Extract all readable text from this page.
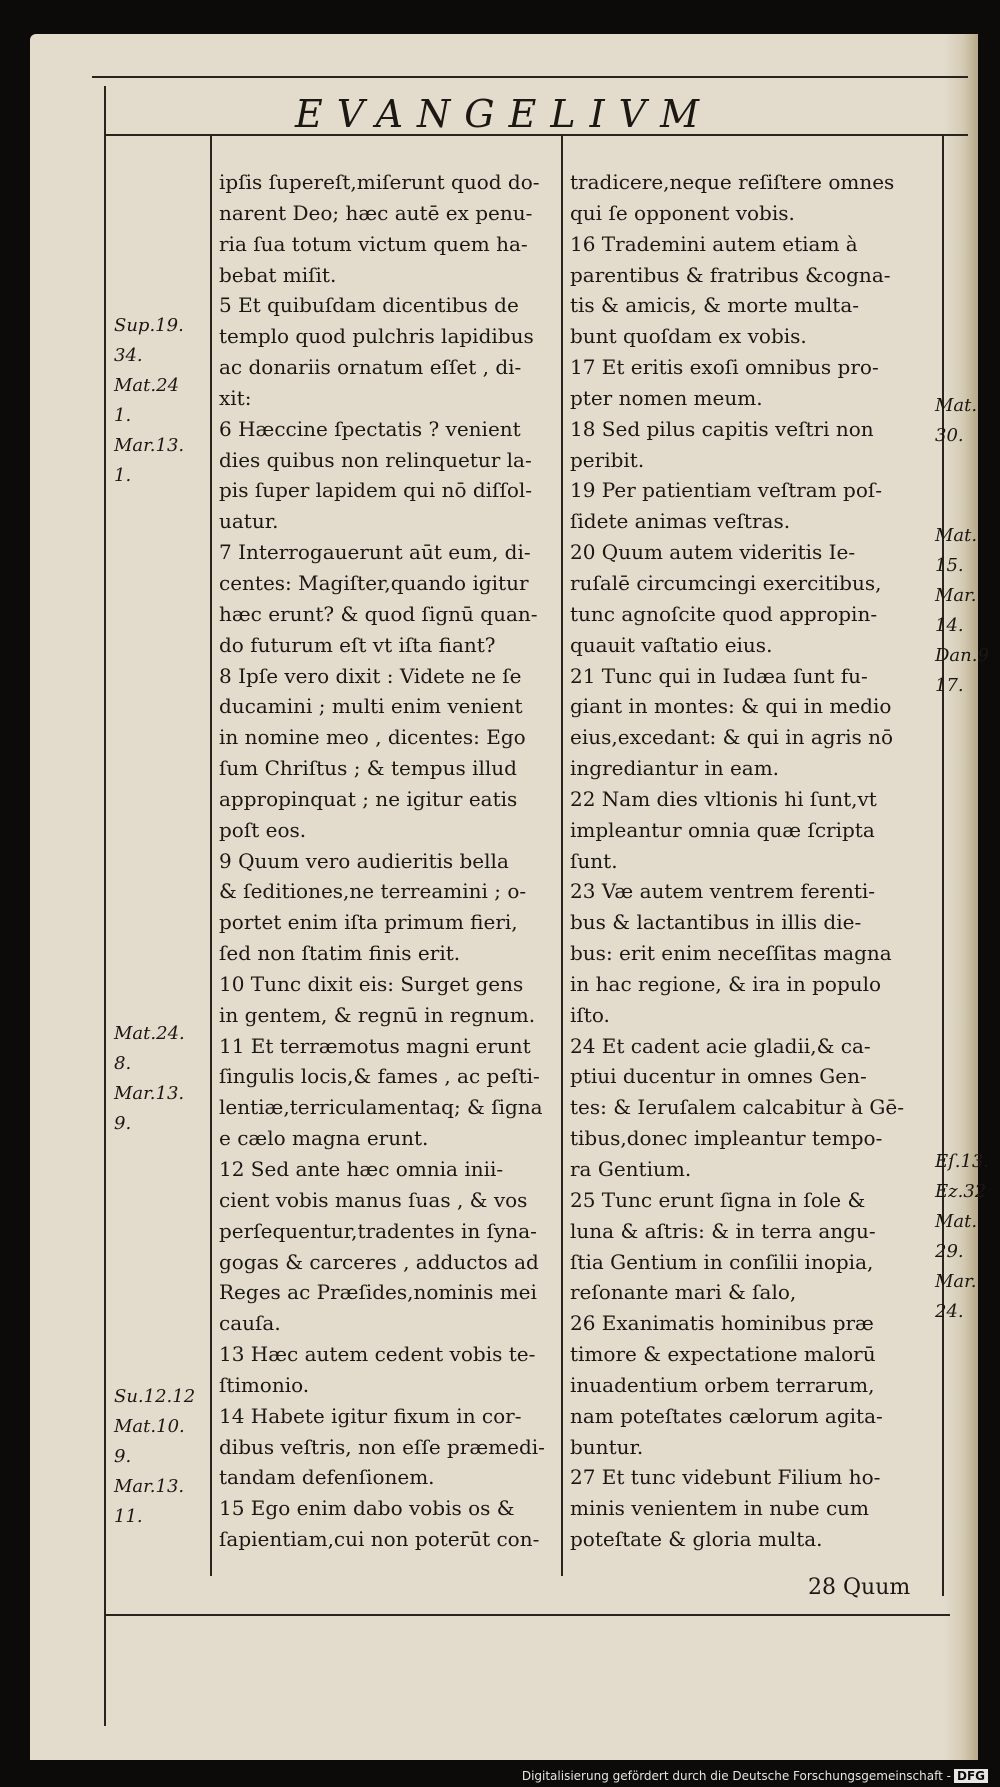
EVANGELIVM
ipſis ſupereſt,miſerunt quod do-
narent Deo; hæc autē ex penu-
ria ſua totum victum quem ha-
bebat miſit.
5 Et quibuſdam dicentibus de
templo quod pulchris lapidibus
ac donariis ornatum eſſet , di-
xit:
6 Hæccine ſpectatis ? venient
dies quibus non relinquetur la-
pis ſuper lapidem qui nō diſſol-
uatur.
7 Interrogauerunt aūt eum, di-
centes: Magiſter,quando igitur
hæc erunt? & quod ſignū quan-
do futurum eſt vt iſta fiant?
8 Ipſe vero dixit : Videte ne ſe
ducamini ; multi enim venient
in nomine meo , dicentes: Ego
ſum Chriſtus ; & tempus illud
appropinquat ; ne igitur eatis
poſt eos.
9 Quum vero audieritis bella
& ſeditiones,ne terreamini ; o-
portet enim iſta primum fieri,
ſed non ſtatim finis erit.
10 Tunc dixit eis: Surget gens
in gentem, & regnū in regnum.
11 Et terræmotus magni erunt
ſingulis locis,& fames , ac peſti-
lentiæ,terriculamentaq; & ſigna
e cælo magna erunt.
12 Sed ante hæc omnia inii-
cient vobis manus ſuas , & vos
perſequentur,tradentes in ſyna-
gogas & carceres , adductos ad
Reges ac Præſides,nominis mei
cauſa.
13 Hæc autem cedent vobis te-
ſtimonio.
14 Habete igitur fixum in cor-
dibus veſtris, non eſſe præmedi-
tandam defenſionem.
15 Ego enim dabo vobis os &
ſapientiam,cui non poterūt con-
tradicere,neque reſiſtere omnes
qui ſe opponent vobis.
16 Trademini autem etiam à
parentibus & fratribus &cogna-
tis & amicis, & morte multa-
bunt quoſdam ex vobis.
17 Et eritis exoſi omnibus pro-
pter nomen meum.
18 Sed pilus capitis veſtri non
peribit.
19 Per patientiam veſtram poſ-
ſidete animas veſtras.
20 Quum autem videritis Ie-
ruſalē circumcingi exercitibus,
tunc agnoſcite quod appropin-
quauit vaſtatio eius.
21 Tunc qui in Iudæa ſunt fu-
giant in montes: & qui in medio
eius,excedant: & qui in agris nō
ingrediantur in eam.
22 Nam dies vltionis hi ſunt,vt
impleantur omnia quæ ſcripta
ſunt.
23 Væ autem ventrem ferenti-
bus & lactantibus in illis die-
bus: erit enim neceſſitas magna
in hac regione, & ira in populo
iſto.
24 Et cadent acie gladii,& ca-
ptiui ducentur in omnes Gen-
tes: & Ieruſalem calcabitur à Gē-
tibus,donec impleantur tempo-
ra Gentium.
25 Tunc erunt ſigna in ſole &
luna & aſtris: & in terra angu-
ſtia Gentium in conſilii inopia,
reſonante mari & ſalo,
26 Exanimatis hominibus præ
timore & expectatione malorū
inuadentium orbem terrarum,
nam poteſtates cælorum agita-
buntur.
27 Et tunc videbunt Filium ho-
minis venientem in nube cum
poteſtate & gloria multa.
Sup.19.
34.
Mat.24
1.
Mar.13.
1.
Mat.24.
8.
Mar.13.
9.
Su.12.12
Mat.10.
9.
Mar.13.
11.
Mat.
30.
Mat.
15.
Mar.
14.
Dan.9
17.
Eſ.13.
Ez.32
Mat.
29.
Mar.
24.
28 Quum
Digitalisierung gefördert durch die Deutsche Forschungsgemeinschaft - DFG
